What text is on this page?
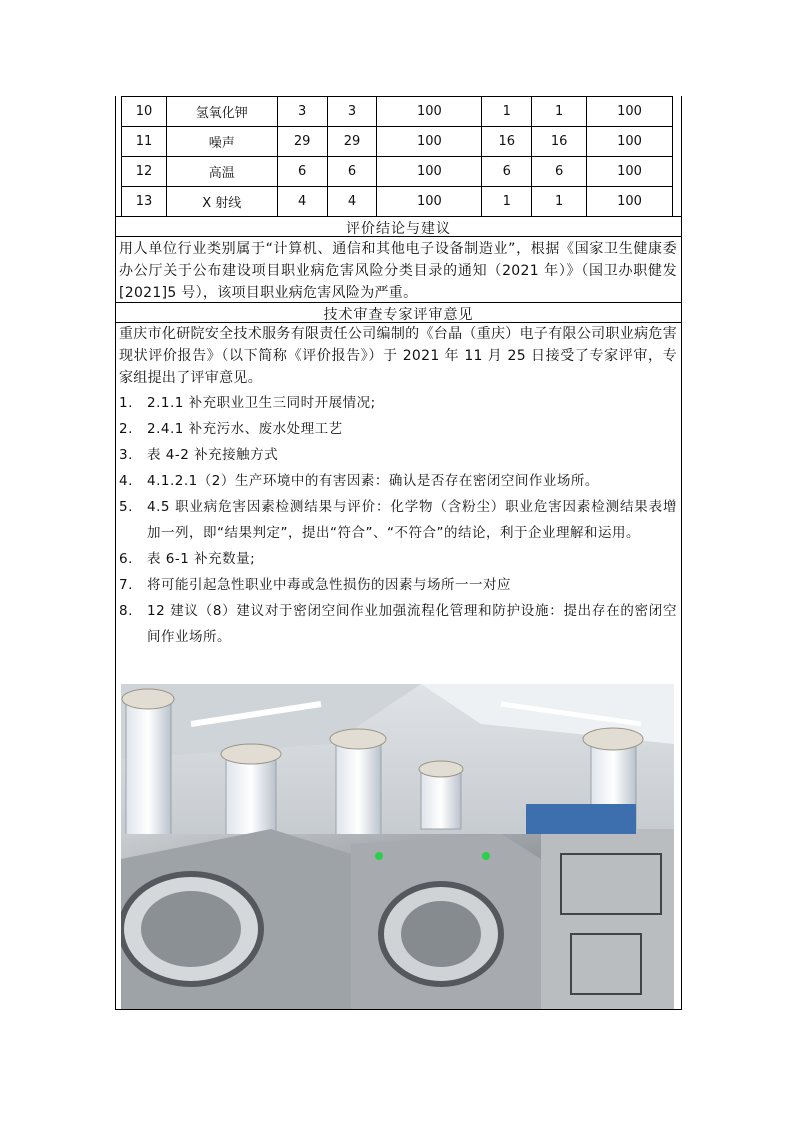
10	氢氧化钾	3	3	100	1	1	100
11	噪声	29	29	100	16	16	100
12	高温	6	6	100	6	6	100
13	X 射线	4	4	100	1	1	100
评价结论与建议
用人单位行业类别属于“计算机、通信和其他电子设备制造业”，根据《国家卫生健康委办公厅关于公布建设项目职业病危害风险分类目录的通知（2021 年）》（国卫办职健发[2021]5 号），该项目职业病危害风险为严重。
技术审查专家评审意见
重庆市化研院安全技术服务有限责任公司编制的《台晶（重庆）电子有限公司职业病危害现状评价报告》（以下简称《评价报告》）于 2021 年 11 月 25 日接受了专家评审，专家组提出了评审意见。
1.	2.1.1 补充职业卫生三同时开展情况;
2.	2.4.1 补充污水、废水处理工艺
3.	表 4-2 补充接触方式
4.	4.1.2.1（2）生产环境中的有害因素：确认是否存在密闭空间作业场所。
5.	4.5 职业病危害因素检测结果与评价：化学物（含粉尘）职业危害因素检测结果表增加一列，即“结果判定”，提出“符合”、“不符合”的结论，利于企业理解和运用。
6.	表 6-1 补充数量;
7.	将可能引起急性职业中毒或急性损伤的因素与场所一一对应
8.	12 建议（8）建议对于密闭空间作业加强流程化管理和防护设施：提出存在的密闭空间作业场所。
